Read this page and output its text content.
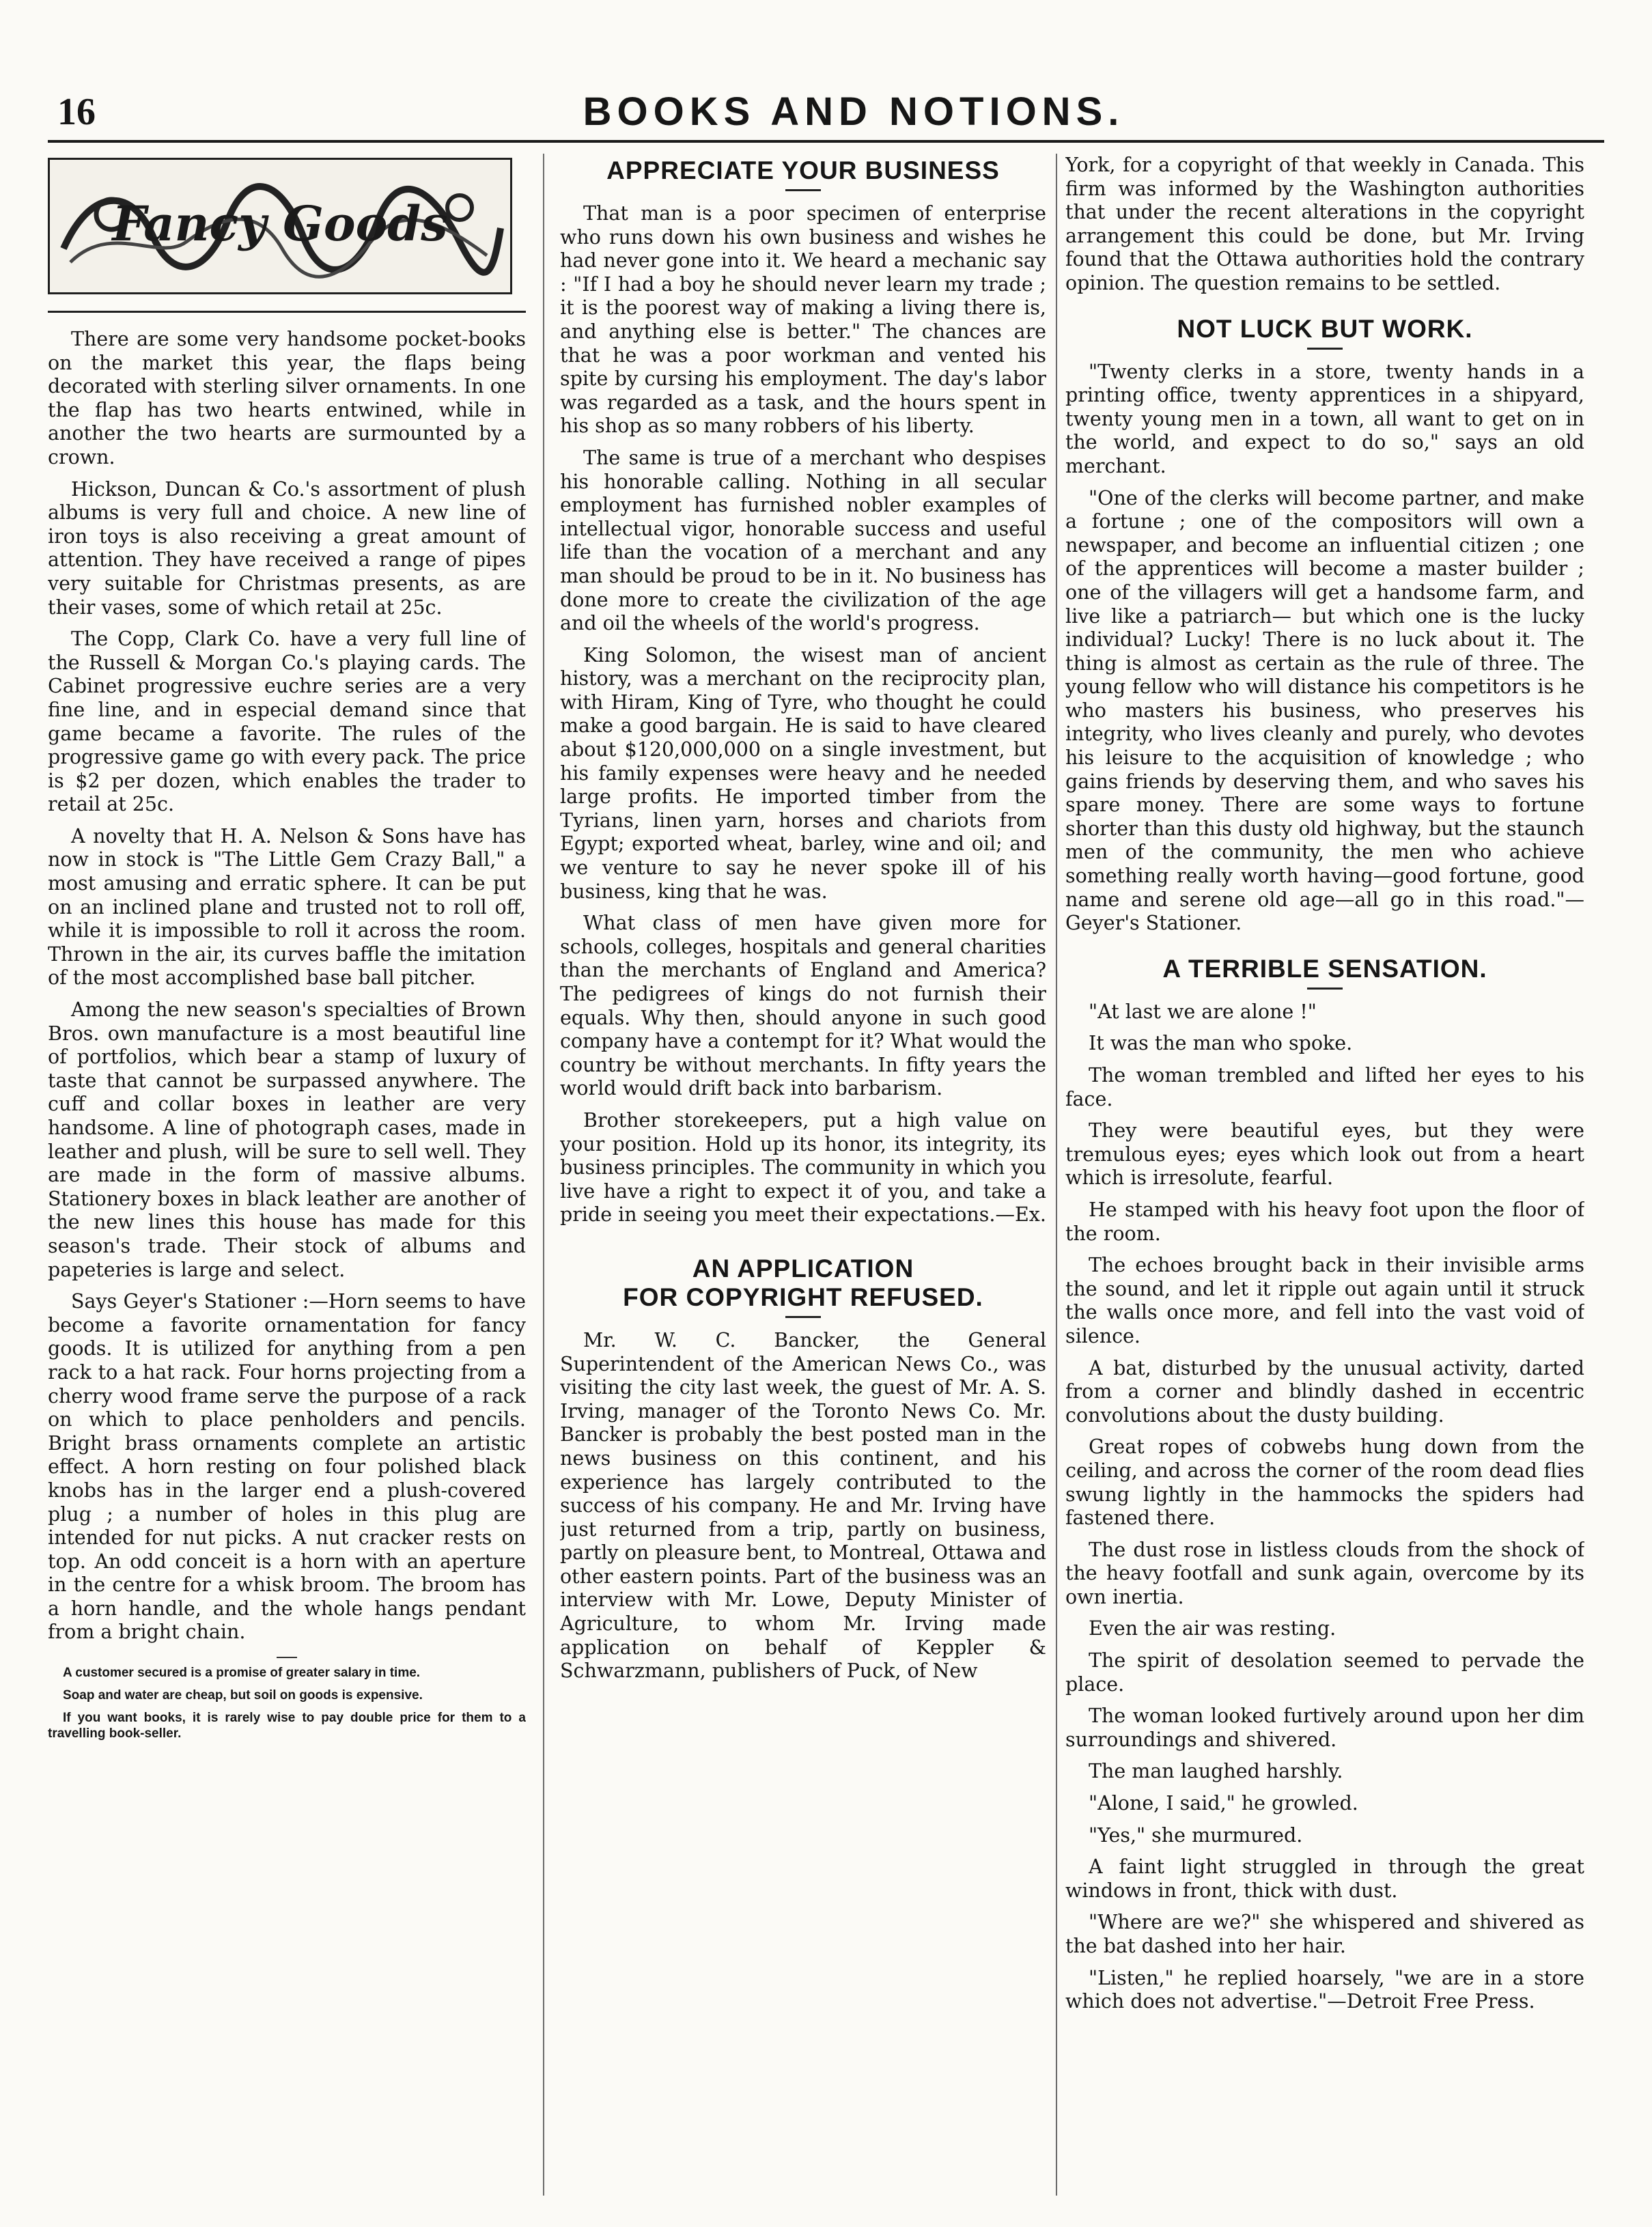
16	BOOKS AND NOTIONS.
Fancy Goods

There are some very handsome pocket-books on the market this year, the flaps being decorated with sterling silver ornaments. In one the flap has two hearts entwined, while in another the two hearts are surmounted by a crown.

Hickson, Duncan & Co.'s assortment of plush albums is very full and choice. A new line of iron toys is also receiving a great amount of attention. They have received a range of pipes very suitable for Christmas presents, as are their vases, some of which retail at 25c.

The Copp, Clark Co. have a very full line of the Russell & Morgan Co.'s playing cards. The Cabinet progressive euchre series are a very fine line, and in especial demand since that game became a favorite. The rules of the progressive game go with every pack. The price is $2 per dozen, which enables the trader to retail at 25c.

A novelty that H. A. Nelson & Sons have has now in stock is "The Little Gem Crazy Ball," a most amusing and erratic sphere. It can be put on an inclined plane and trusted not to roll off, while it is impossible to roll it across the room. Thrown in the air, its curves baffle the imitation of the most accomplished base ball pitcher.

Among the new season's specialties of Brown Bros. own manufacture is a most beautiful line of portfolios, which bear a stamp of luxury of taste that cannot be surpassed anywhere. The cuff and collar boxes in leather are very handsome. A line of photograph cases, made in leather and plush, will be sure to sell well. They are made in the form of massive albums. Stationery boxes in black leather are another of the new lines this house has made for this season's trade. Their stock of albums and papeteries is large and select.

Says Geyer's Stationer :—Horn seems to have become a favorite ornamentation for fancy goods. It is utilized for anything from a pen rack to a hat rack. Four horns projecting from a cherry wood frame serve the purpose of a rack on which to place penholders and pencils. Bright brass ornaments complete an artistic effect. A horn resting on four polished black knobs has in the larger end a plush-covered plug ; a number of holes in this plug are intended for nut picks. A nut cracker rests on top. An odd conceit is a horn with an aperture in the centre for a whisk broom. The broom has a horn handle, and the whole hangs pendant from a bright chain.

A customer secured is a promise of greater salary in time.
Soap and water are cheap, but soil on goods is expensive.
If you want books, it is rarely wise to pay double price for them to a travelling book-seller.
APPRECIATE YOUR BUSINESS

That man is a poor specimen of enterprise who runs down his own business and wishes he had never gone into it. We heard a mechanic say : "If I had a boy he should never learn my trade ; it is the poorest way of making a living there is, and anything else is better." The chances are that he was a poor workman and vented his spite by cursing his employment. The day's labor was regarded as a task, and the hours spent in his shop as so many robbers of his liberty.

The same is true of a merchant who despises his honorable calling. Nothing in all secular employment has furnished nobler examples of intellectual vigor, honorable success and useful life than the vocation of a merchant and any man should be proud to be in it. No business has done more to create the civilization of the age and oil the wheels of the world's progress.

King Solomon, the wisest man of ancient history, was a merchant on the reciprocity plan, with Hiram, King of Tyre, who thought he could make a good bargain. He is said to have cleared about $120,000,000 on a single investment, but his family expenses were heavy and he needed large profits. He imported timber from the Tyrians, linen yarn, horses and chariots from Egypt; exported wheat, barley, wine and oil; and we venture to say he never spoke ill of his business, king that he was.

What class of men have given more for schools, colleges, hospitals and general charities than the merchants of England and America? The pedigrees of kings do not furnish their equals. Why then, should anyone in such good company have a contempt for it? What would the country be without merchants. In fifty years the world would drift back into barbarism.

Brother storekeepers, put a high value on your position. Hold up its honor, its integrity, its business principles. The community in which you live have a right to expect it of you, and take a pride in seeing you meet their expectations.—Ex.

AN APPLICATION
FOR COPYRIGHT REFUSED.

Mr. W. C. Bancker, the General Superintendent of the American News Co., was visiting the city last week, the guest of Mr. A. S. Irving, manager of the Toronto News Co. Mr. Bancker is probably the best posted man in the news business on this continent, and his experience has largely contributed to the success of his company. He and Mr. Irving have just returned from a trip, partly on business, partly on pleasure bent, to Montreal, Ottawa and other eastern points. Part of the business was an interview with Mr. Lowe, Deputy Minister of Agriculture, to whom Mr. Irving made application on behalf of Keppler & Schwarzmann, publishers of Puck, of New

York, for a copyright of that weekly in Canada. This firm was informed by the Washington authorities that under the recent alterations in the copyright arrangement this could be done, but Mr. Irving found that the Ottawa authorities hold the contrary opinion. The question remains to be settled.

NOT LUCK BUT WORK.

"Twenty clerks in a store, twenty hands in a printing office, twenty apprentices in a shipyard, twenty young men in a town, all want to get on in the world, and expect to do so," says an old merchant.

"One of the clerks will become partner, and make a fortune ; one of the compositors will own a newspaper, and become an influential citizen ; one of the apprentices will become a master builder ; one of the villagers will get a handsome farm, and live like a patriarch— but which one is the lucky individual? Lucky! There is no luck about it. The thing is almost as certain as the rule of three. The young fellow who will distance his competitors is he who masters his business, who preserves his integrity, who lives cleanly and purely, who devotes his leisure to the acquisition of knowledge ; who gains friends by deserving them, and who saves his spare money. There are some ways to fortune shorter than this dusty old highway, but the staunch men of the community, the men who achieve something really worth having—good fortune, good name and serene old age—all go in this road."—Geyer's Stationer.

A TERRIBLE SENSATION.

"At last we are alone !"

It was the man who spoke.

The woman trembled and lifted her eyes to his face.

They were beautiful eyes, but they were tremulous eyes; eyes which look out from a heart which is irresolute, fearful.

He stamped with his heavy foot upon the floor of the room.

The echoes brought back in their invisible arms the sound, and let it ripple out again until it struck the walls once more, and fell into the vast void of silence.

A bat, disturbed by the unusual activity, darted from a corner and blindly dashed in eccentric convolutions about the dusty building.

Great ropes of cobwebs hung down from the ceiling, and across the corner of the room dead flies swung lightly in the hammocks the spiders had fastened there.

The dust rose in listless clouds from the shock of the heavy footfall and sunk again, overcome by its own inertia.

Even the air was resting.

The spirit of desolation seemed to pervade the place.

The woman looked furtively around upon her dim surroundings and shivered.

The man laughed harshly.

"Alone, I said," he growled.

"Yes," she murmured.

A faint light struggled in through the great windows in front, thick with dust.

"Where are we?" she whispered and shivered as the bat dashed into her hair.

"Listen," he replied hoarsely, "we are in a store which does not advertise."—Detroit Free Press.
